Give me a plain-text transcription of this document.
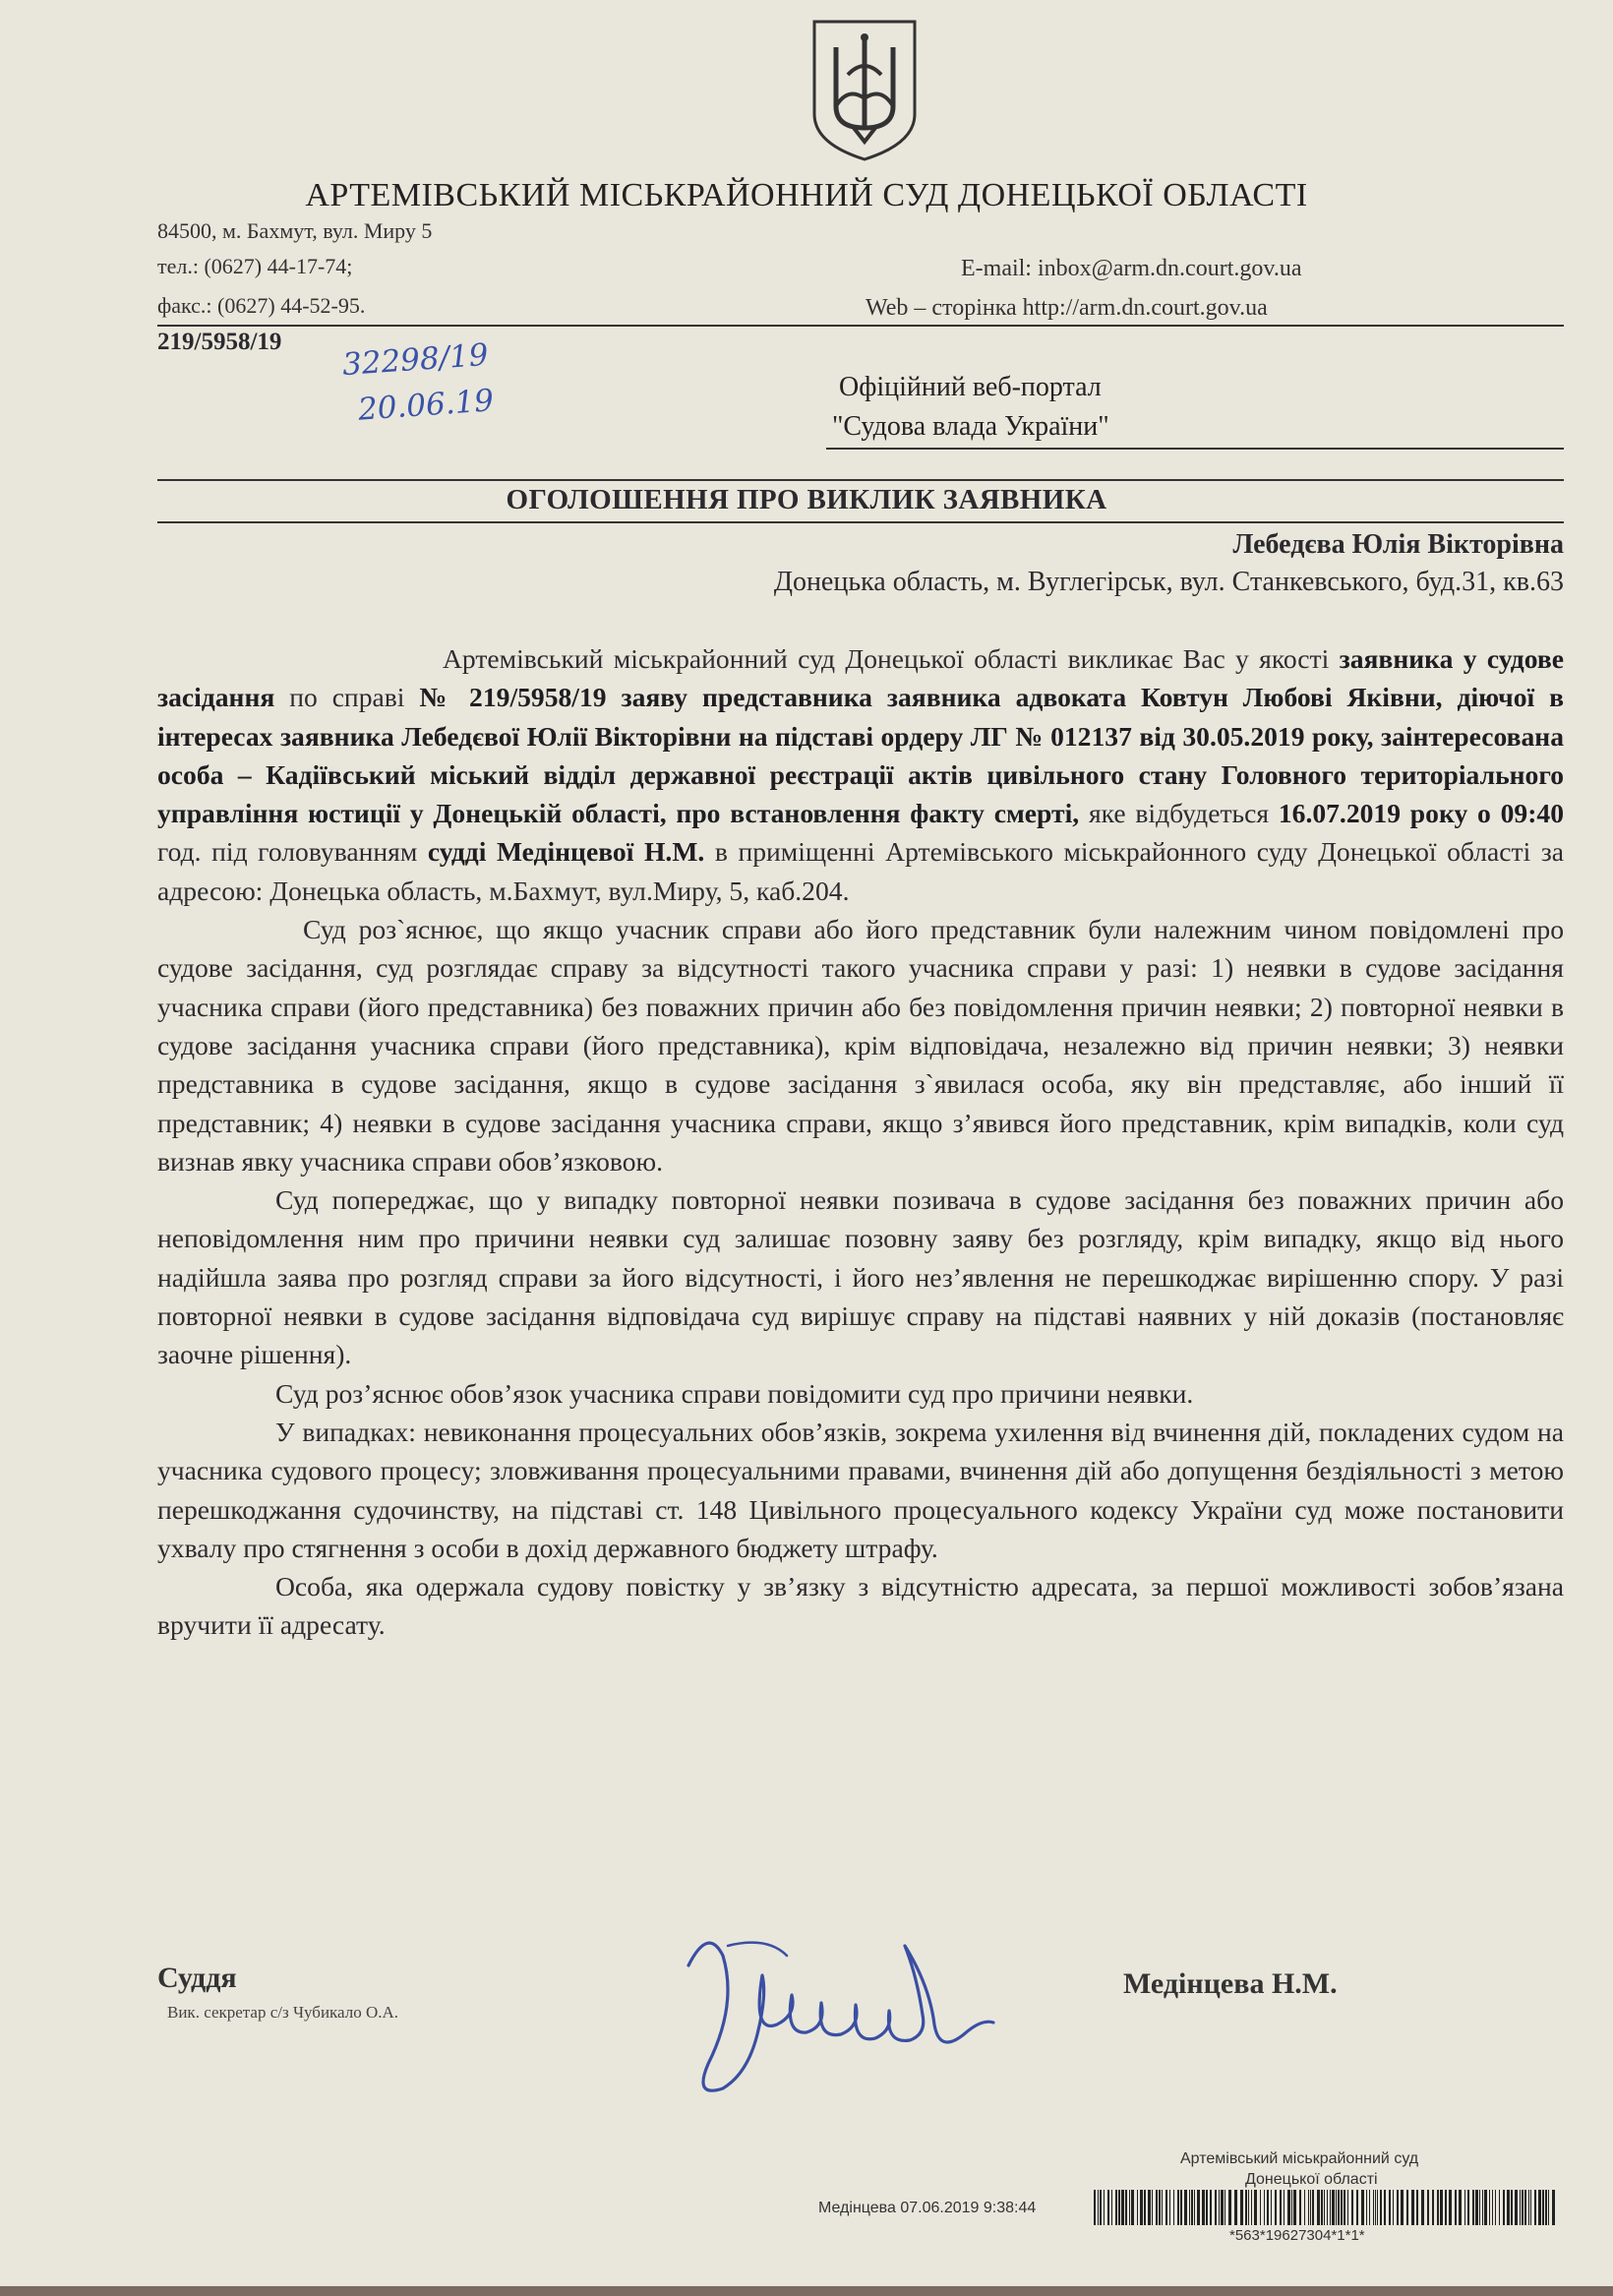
АРТЕМІВСЬКИЙ МІСЬКРАЙОННИЙ СУД ДОНЕЦЬКОЇ ОБЛАСТІ
84500, м. Бахмут, вул. Миру 5
тел.: (0627) 44-17-74;
факс.: (0627) 44-52-95.
E-mail: inbox@arm.dn.court.gov.ua
Web – сторінка http://arm.dn.court.gov.ua
219/5958/19 32298/19
20.06.19	Офіційний веб-портал
"Судова влада України"
ОГОЛОШЕННЯ ПРО ВИКЛИК ЗАЯВНИКА
Лебедєва Юлія Вікторівна
Донецька область, м. Вуглегірськ, вул. Станкевського, буд.31, кв.63

Артемівський міськрайонний суд Донецької області викликає Вас у якості заявника у судове засідання по справі № 219/5958/19 заяву представника заявника адвоката Ковтун Любові Яківни, діючої в інтересах заявника Лебедєвої Юлії Вікторівни на підставі ордеру ЛГ № 012137 від 30.05.2019 року, заінтересована особа – Кадіївський міський відділ державної реєстрації актів цивільного стану Головного територіального управління юстиції у Донецькій області, про встановлення факту смерті, яке відбудеться 16.07.2019 року о 09:40 год. під головуванням судді Медінцевої Н.М. в приміщенні Артемівського міськрайонного суду Донецької області за адресою: Донецька область, м.Бахмут, вул.Миру, 5, каб.204.

Суд роз`яснює, що якщо учасник справи або його представник були належним чином повідомлені про судове засідання, суд розглядає справу за відсутності такого учасника справи у разі: 1) неявки в судове засідання учасника справи (його представника) без поважних причин або без повідомлення причин неявки; 2) повторної неявки в судове засідання учасника справи (його представника), крім відповідача, незалежно від причин неявки; 3) неявки представника в судове засідання, якщо в судове засідання з`явилася особа, яку він представляє, або інший її представник; 4) неявки в судове засідання учасника справи, якщо з’явився його представник, крім випадків, коли суд визнав явку учасника справи обов’язковою.

Суд попереджає, що у випадку повторної неявки позивача в судове засідання без поважних причин або неповідомлення ним про причини неявки суд залишає позовну заяву без розгляду, крім випадку, якщо від нього надійшла заява про розгляд справи за його відсутності, і його нез’явлення не перешкоджає вирішенню спору. У разі повторної неявки в судове засідання відповідача суд вирішує справу на підставі наявних у ній доказів (постановляє заочне рішення).

Суд роз’яснює обов’язок учасника справи повідомити суд про причини неявки.

У випадках: невиконання процесуальних обов’язків, зокрема ухилення від вчинення дій, покладених судом на учасника судового процесу; зловживання процесуальними правами, вчинення дій або допущення бездіяльності з метою перешкоджання судочинству, на підставі ст. 148 Цивільного процесуального кодексу України суд може постановити ухвалу про стягнення з особи в дохід державного бюджету штрафу.

Особа, яка одержала судову повістку у зв’язку з відсутністю адресата, за першої можливості зобов’язана вручити її адресату.

Суддя
Вик. секретар с/з Чубикало О.А.
Медінцева Н.М.
Артемівський міськрайонний суд
Донецької області
Медінцева 07.06.2019 9:38:44
*563*19627304*1*1*
